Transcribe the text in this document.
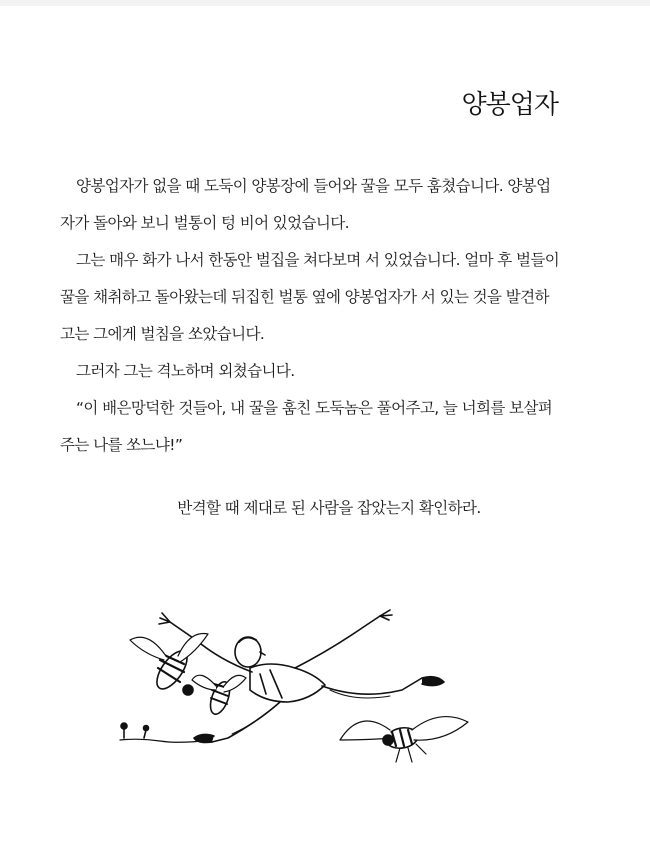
양봉업자

양봉업자가 없을 때 도둑이 양봉장에 들어와 꿀을 모두 훔쳤습니다. 양봉업자가 돌아와 보니 벌통이 텅 비어 있었습니다.

그는 매우 화가 나서 한동안 벌집을 쳐다보며 서 있었습니다. 얼마 후 벌들이 꿀을 채취하고 돌아왔는데 뒤집힌 벌통 옆에 양봉업자가 서 있는 것을 발견하고는 그에게 벌침을 쏘았습니다.

그러자 그는 격노하며 외쳤습니다.

“이 배은망덕한 것들아, 내 꿀을 훔친 도둑놈은 풀어주고, 늘 너희를 보살펴 주는 나를 쏘느냐!”

반격할 때 제대로 된 사람을 잡았는지 확인하라.
